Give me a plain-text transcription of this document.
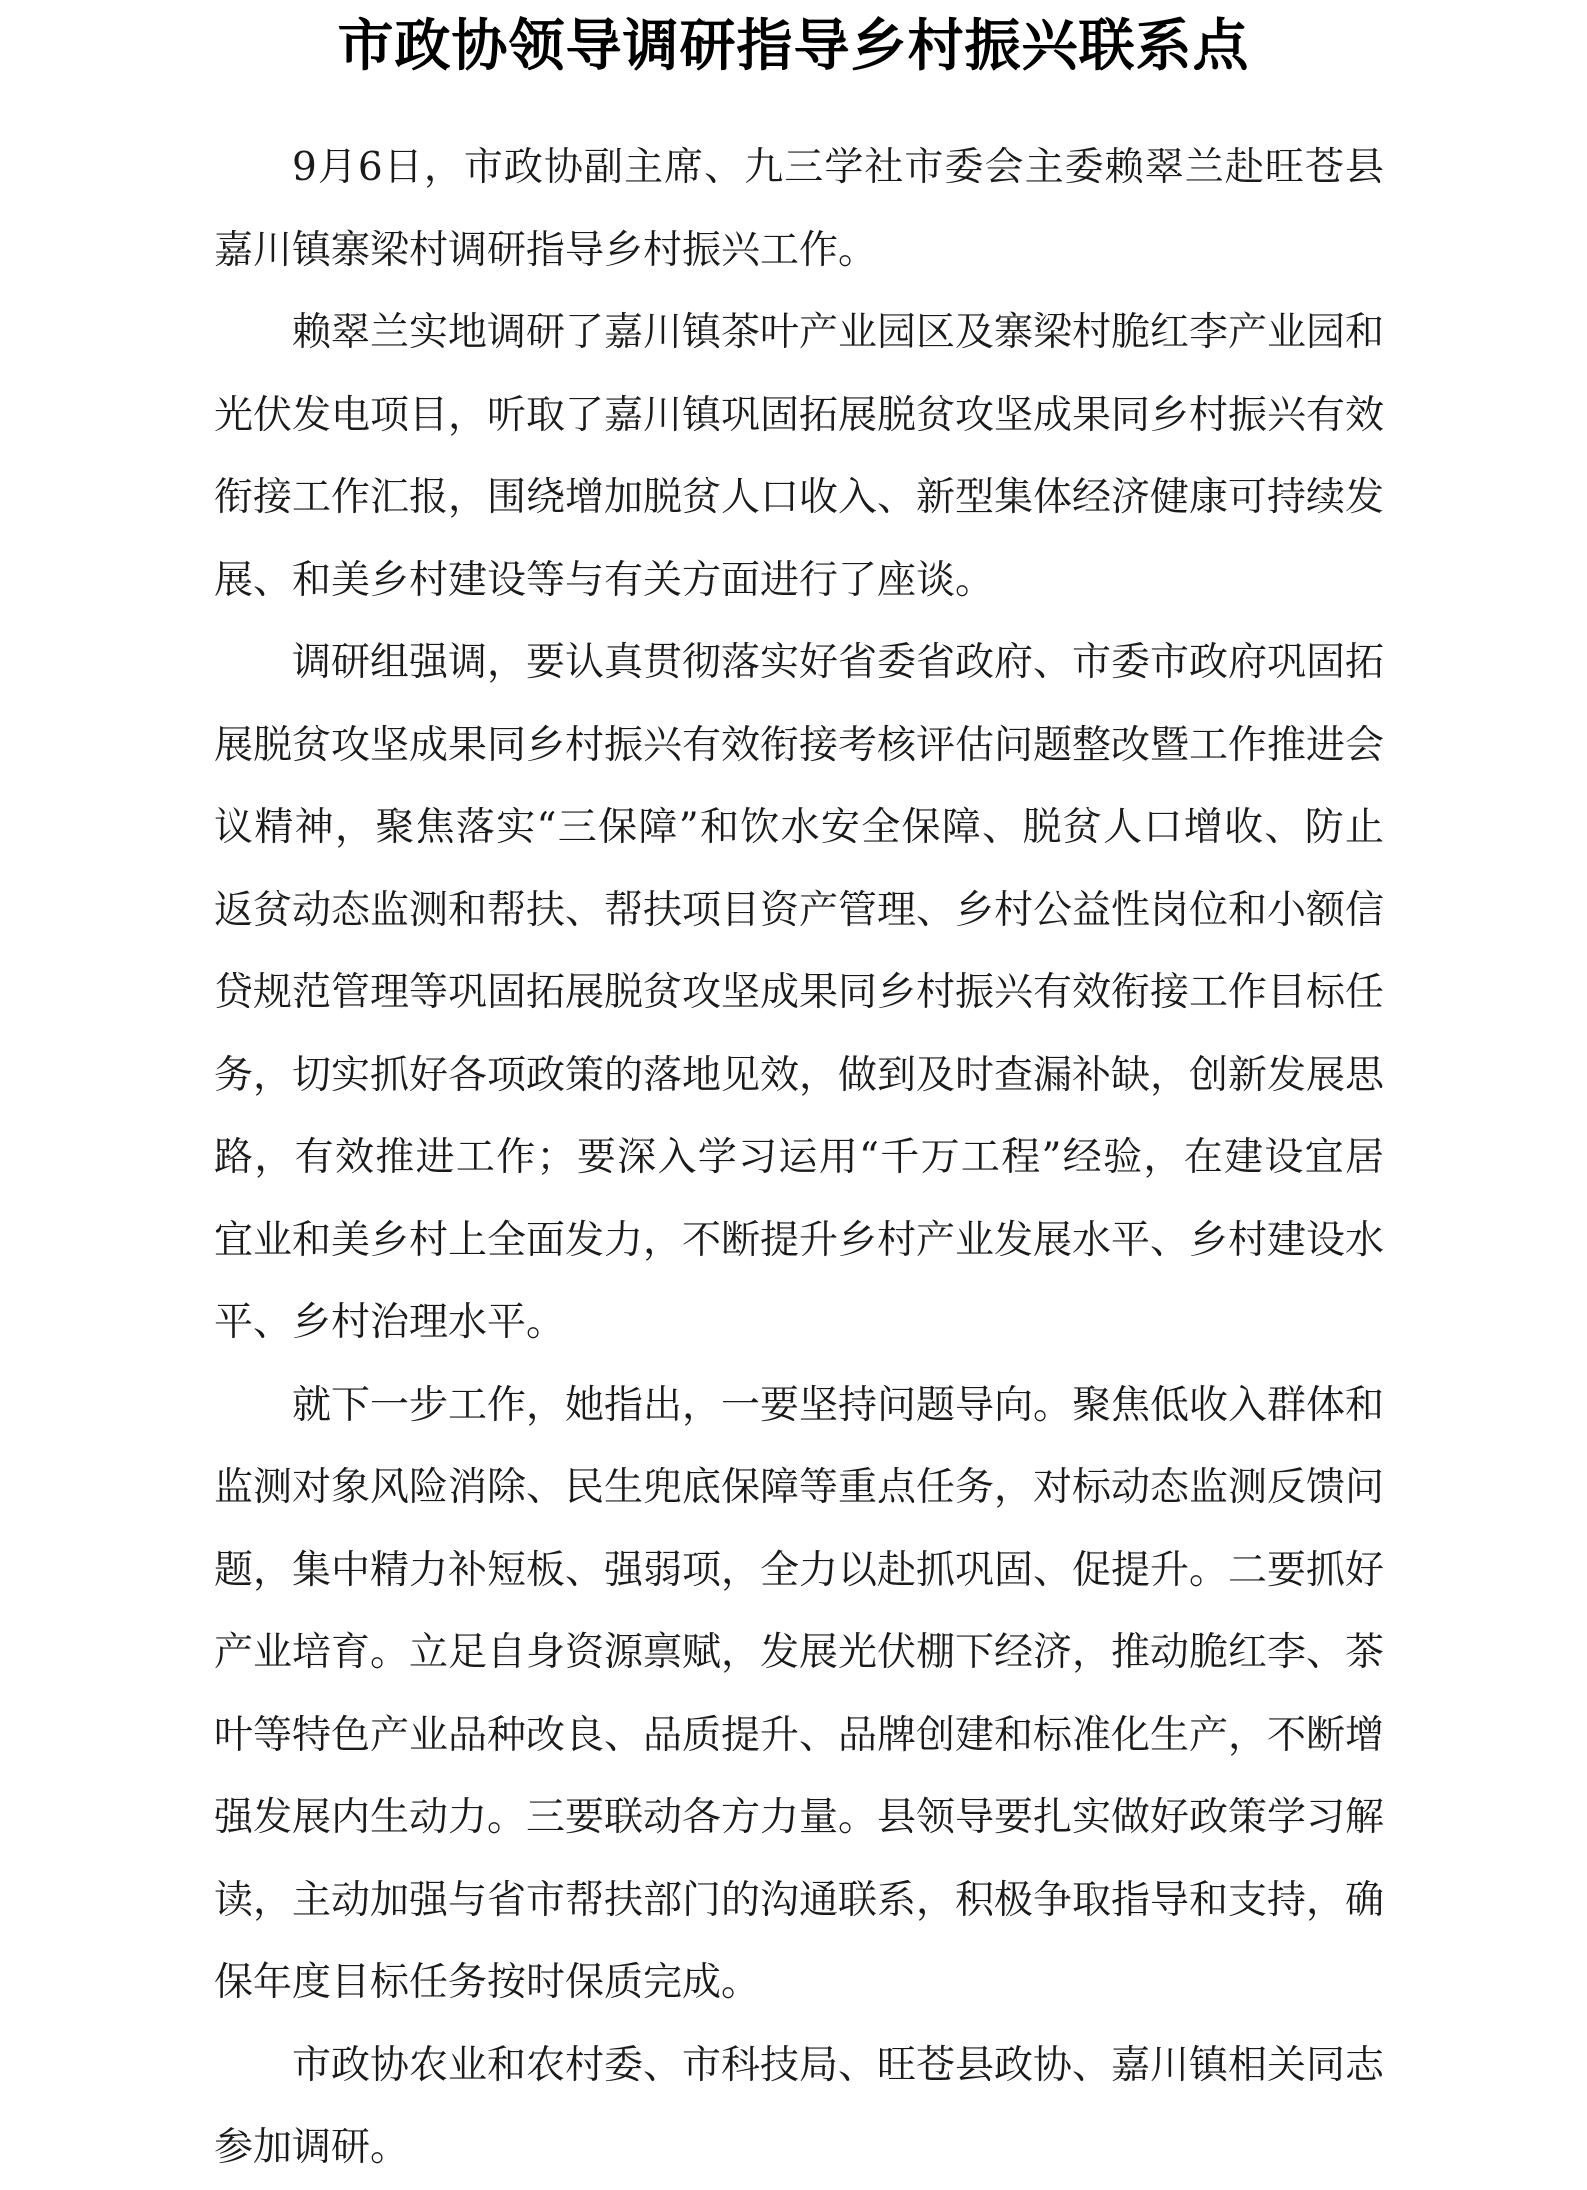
市政协领导调研指导乡村振兴联系点

9月6日，市政协副主席、九三学社市委会主委赖翠兰赴旺苍县嘉川镇寨梁村调研指导乡村振兴工作。

赖翠兰实地调研了嘉川镇茶叶产业园区及寨梁村脆红李产业园和光伏发电项目，听取了嘉川镇巩固拓展脱贫攻坚成果同乡村振兴有效衔接工作汇报，围绕增加脱贫人口收入、新型集体经济健康可持续发展、和美乡村建设等与有关方面进行了座谈。

调研组强调，要认真贯彻落实好省委省政府、市委市政府巩固拓展脱贫攻坚成果同乡村振兴有效衔接考核评估问题整改暨工作推进会议精神，聚焦落实“三保障”和饮水安全保障、脱贫人口增收、防止返贫动态监测和帮扶、帮扶项目资产管理、乡村公益性岗位和小额信贷规范管理等巩固拓展脱贫攻坚成果同乡村振兴有效衔接工作目标任务，切实抓好各项政策的落地见效，做到及时查漏补缺，创新发展思路，有效推进工作；要深入学习运用“千万工程”经验，在建设宜居宜业和美乡村上全面发力，不断提升乡村产业发展水平、乡村建设水平、乡村治理水平。

就下一步工作，她指出，一要坚持问题导向。聚焦低收入群体和监测对象风险消除、民生兜底保障等重点任务，对标动态监测反馈问题，集中精力补短板、强弱项，全力以赴抓巩固、促提升。二要抓好产业培育。立足自身资源禀赋，发展光伏棚下经济，推动脆红李、茶叶等特色产业品种改良、品质提升、品牌创建和标准化生产，不断增强发展内生动力。三要联动各方力量。县领导要扎实做好政策学习解读，主动加强与省市帮扶部门的沟通联系，积极争取指导和支持，确保年度目标任务按时保质完成。

市政协农业和农村委、市科技局、旺苍县政协、嘉川镇相关同志参加调研。
